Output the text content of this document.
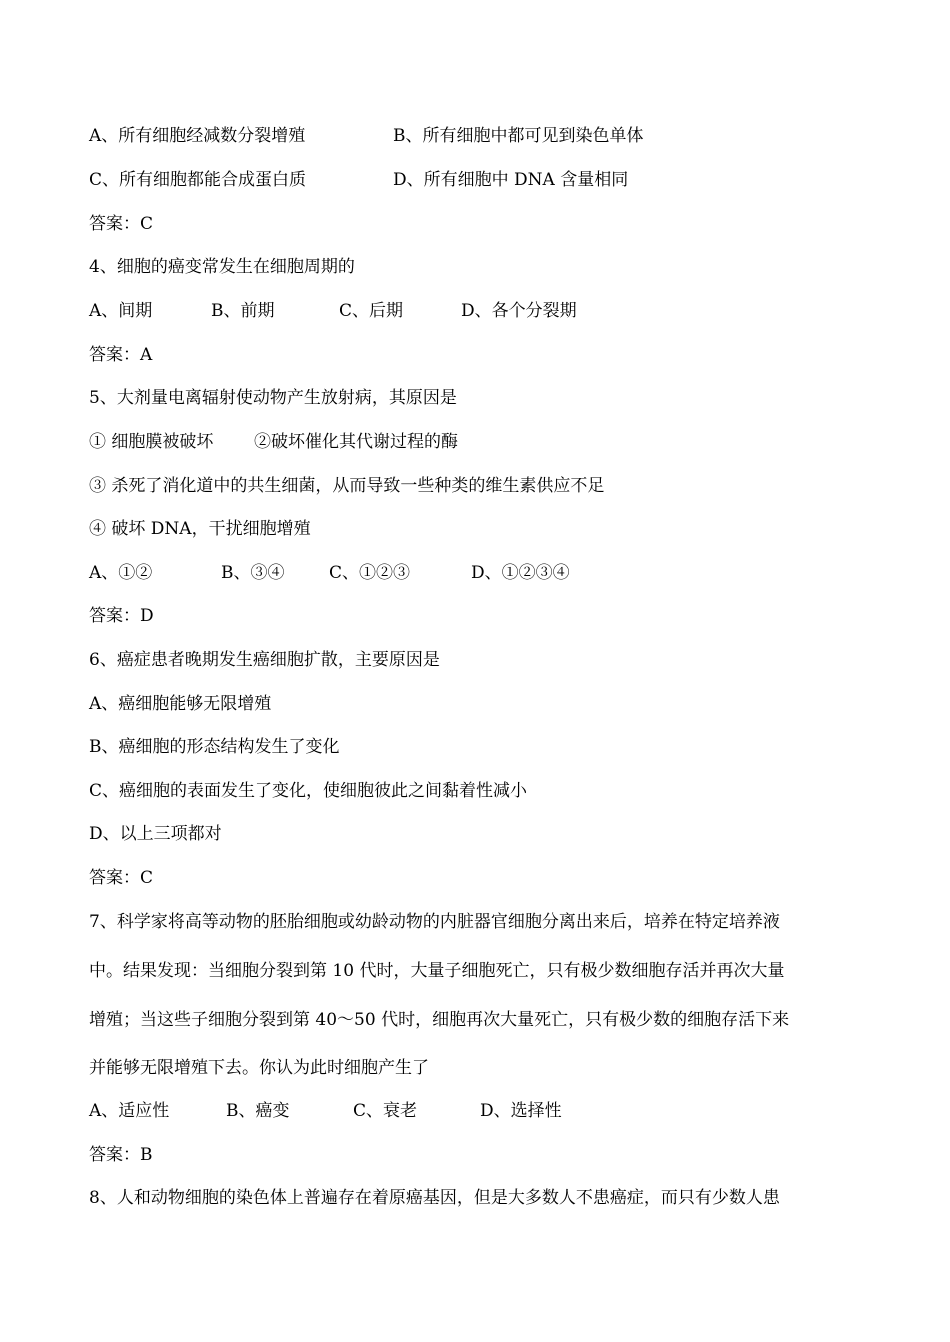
A、所有细胞经减数分裂增殖	B、所有细胞中都可见到染色单体
C、所有细胞都能合成蛋白质	D、所有细胞中 DNA 含量相同
答案：C
4、细胞的癌变常发生在细胞周期的
A、间期	B、前期	C、后期	D、各个分裂期
答案：A
5、大剂量电离辐射使动物产生放射病，其原因是
① 细胞膜被破坏 ②破坏催化其代谢过程的酶
③ 杀死了消化道中的共生细菌，从而导致一些种类的维生素供应不足
④ 破坏 DNA，干扰细胞增殖
A、①②	B、③④	C、①②③	D、①②③④
答案：D
6、癌症患者晚期发生癌细胞扩散，主要原因是
A、癌细胞能够无限增殖
B、癌细胞的形态结构发生了变化
C、癌细胞的表面发生了变化，使细胞彼此之间黏着性减小
D、以上三项都对
答案：C
7、科学家将高等动物的胚胎细胞或幼龄动物的内脏器官细胞分离出来后，培养在特定培养液
中。结果发现：当细胞分裂到第 10 代时，大量子细胞死亡，只有极少数细胞存活并再次大量
增殖；当这些子细胞分裂到第 40～50 代时，细胞再次大量死亡，只有极少数的细胞存活下来
并能够无限增殖下去。你认为此时细胞产生了
A、适应性	B、癌变	C、衰老	D、选择性
答案：B
8、人和动物细胞的染色体上普遍存在着原癌基因，但是大多数人不患癌症，而只有少数人患
